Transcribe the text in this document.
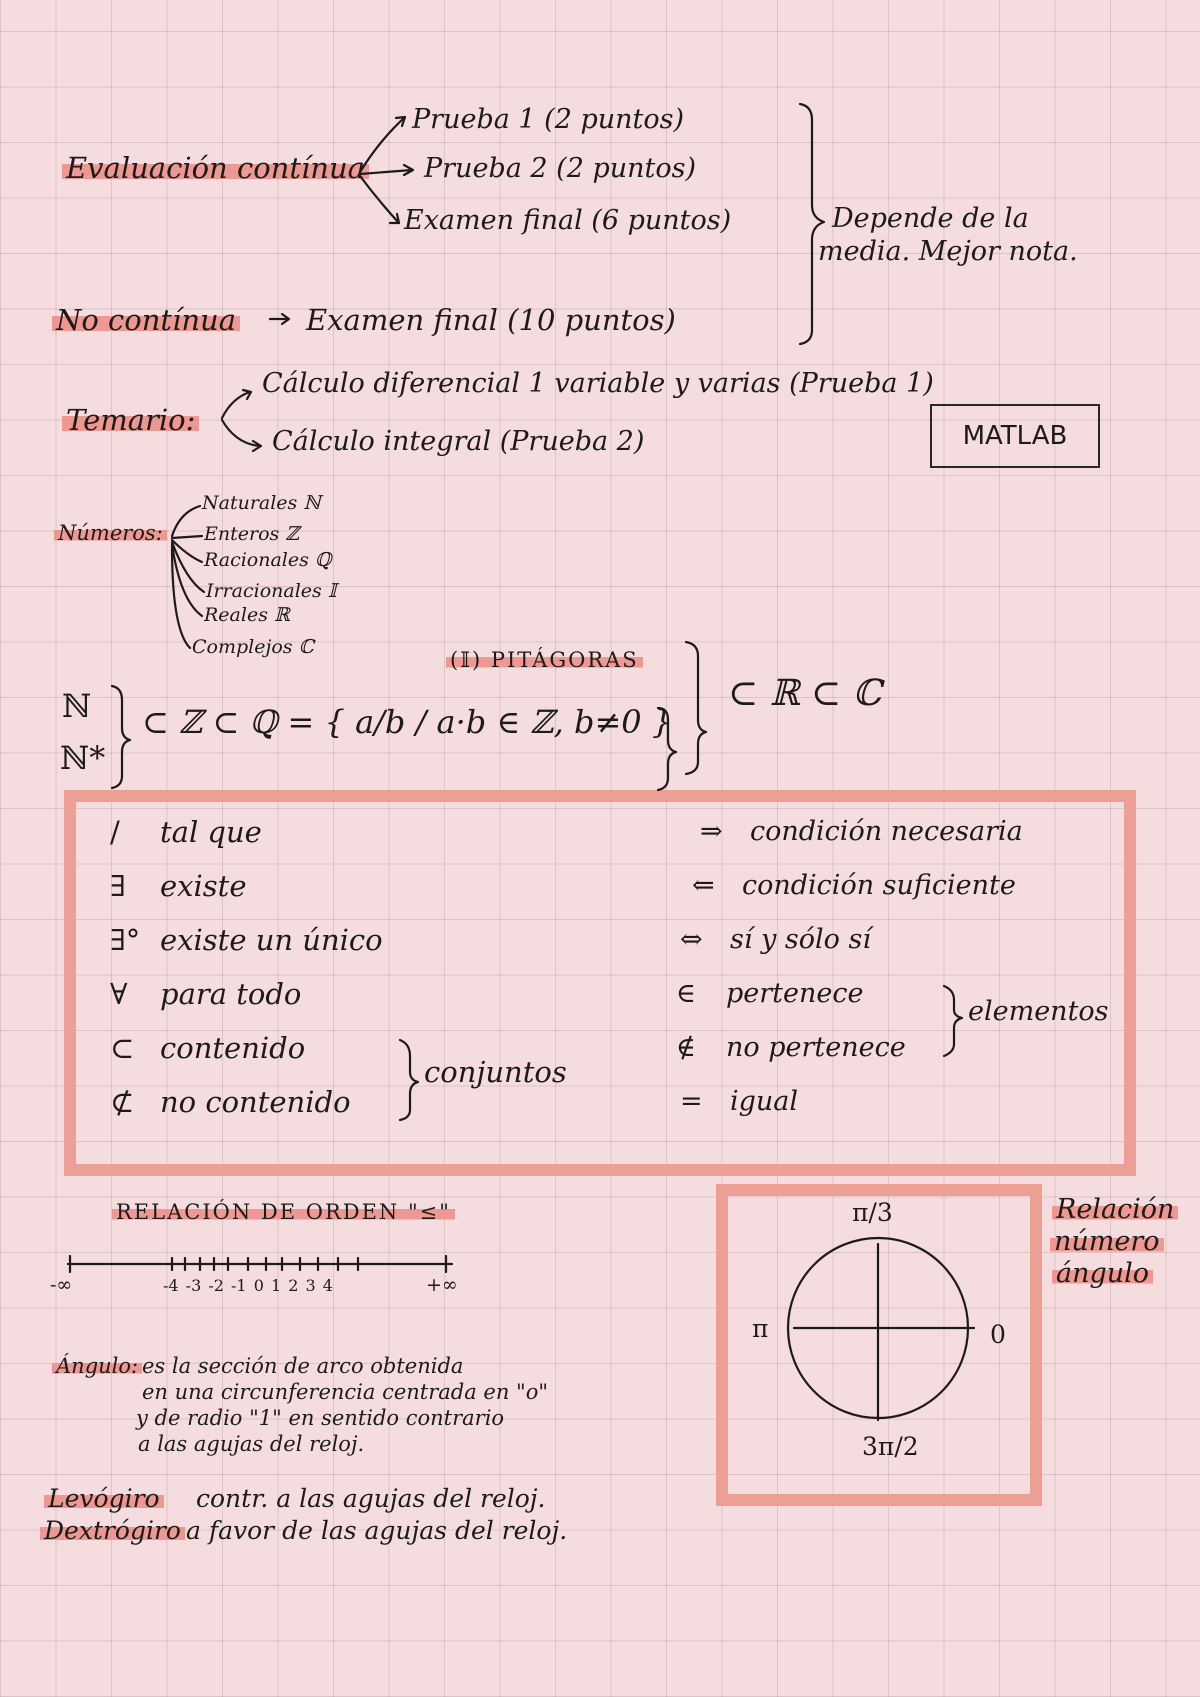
Evaluación contínua
Prueba 1 (2 puntos)
Prueba 2 (2 puntos)
Examen final (6 puntos)	Depende de la
media. Mejor nota.
No contínua Examen final (10 puntos)
Temario:
Cálculo diferencial 1 variable y varias (Prueba 1)
Cálculo integral (Prueba 2)	MATLAB
Números:
Naturales ℕ
Enteros ℤ
Racionales ℚ
Irracionales 𝕀
Reales ℝ
Complejos ℂ
(𝕀) PITÁGORAS
ℕ
ℕ*
⊂ ℤ ⊂ ℚ = { a/b / a·b ∈ ℤ, b≠0 }
⊂ ℝ ⊂ ℂ
/ tal que
∃ existe
∃° existe un único
∀ para todo
⊂ contenido
⊄ no contenido
conjuntos
⇒ condición necesaria
⇐ condición suficiente
⇔ sí y sólo sí
∈ pertenece
∉ no pertenece
= igual
elementos
RELACIÓN DE ORDEN "≤"
-∞	+∞
-4 -3 -2 -1 0 1 2 3 4
Ángulo: es la sección de arco obtenida
en una circunferencia centrada en "o"
y de radio "1" en sentido contrario
a las agujas del reloj.
Levógiro contr. a las agujas del reloj.
Dextrógiro a favor de las agujas del reloj.
π/3
π	0
3π/2
Relación
número
ángulo
